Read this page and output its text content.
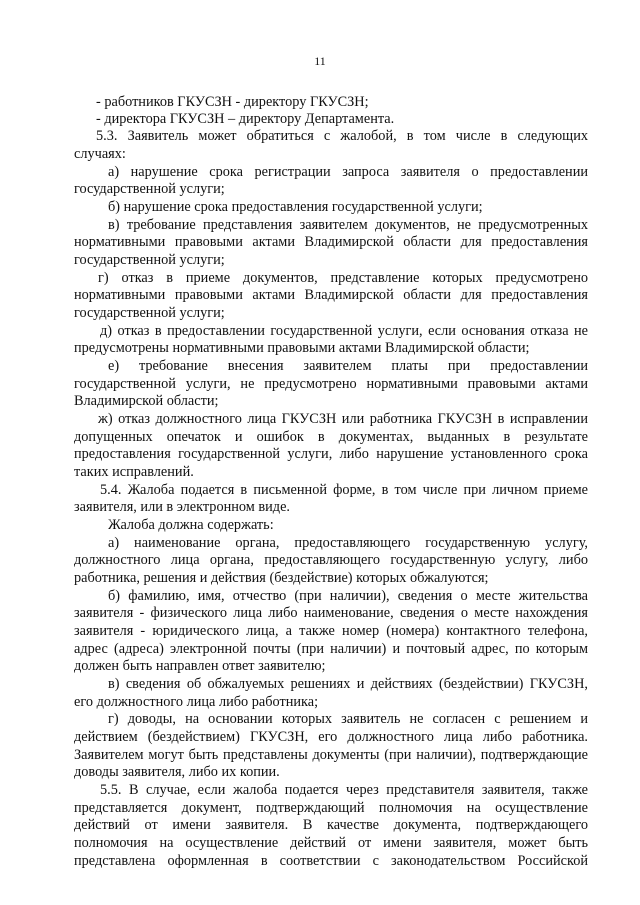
11
- работников ГКУСЗН - директору ГКУСЗН;
- директора ГКУСЗН – директору Департамента.
5.3. Заявитель может обратиться с жалобой, в том числе в следующих
случаях:
а) нарушение срока регистрации запроса заявителя о предоставлении
государственной услуги;
б) нарушение срока предоставления государственной услуги;
в) требование представления заявителем документов, не предусмотренных
нормативными правовыми актами Владимирской области для предоставления
государственной услуги;
г) отказ в приеме документов, представление которых предусмотрено
нормативными правовыми актами Владимирской области для предоставления
государственной услуги;
д) отказ в предоставлении государственной услуги, если основания отказа не
предусмотрены нормативными правовыми актами Владимирской области;
е) требование внесения заявителем платы при предоставлении
государственной услуги, не предусмотрено нормативными правовыми актами
Владимирской области;
ж) отказ должностного лица ГКУСЗН или работника ГКУСЗН в исправлении
допущенных опечаток и ошибок в документах, выданных в результате
предоставления государственной услуги, либо нарушение установленного срока
таких исправлений.
5.4. Жалоба подается в письменной форме, в том числе при личном приеме
заявителя, или в электронном виде.
Жалоба должна содержать:
а) наименование органа, предоставляющего государственную услугу,
должностного лица органа, предоставляющего государственную услугу, либо
работника, решения и действия (бездействие) которых обжалуются;
б) фамилию, имя, отчество (при наличии), сведения о месте жительства
заявителя - физического лица либо наименование, сведения о месте нахождения
заявителя - юридического лица, а также номер (номера) контактного телефона,
адрес (адреса) электронной почты (при наличии) и почтовый адрес, по которым
должен быть направлен ответ заявителю;
в) сведения об обжалуемых решениях и действиях (бездействии) ГКУСЗН,
его должностного лица либо работника;
г) доводы, на основании которых заявитель не согласен с решением и
действием (бездействием) ГКУСЗН, его должностного лица либо работника.
Заявителем могут быть представлены документы (при наличии), подтверждающие
доводы заявителя, либо их копии.
5.5. В случае, если жалоба подается через представителя заявителя, также
представляется документ, подтверждающий полномочия на осуществление
действий от имени заявителя. В качестве документа, подтверждающего
полномочия на осуществление действий от имени заявителя, может быть
представлена оформленная в соответствии с законодательством Российской
